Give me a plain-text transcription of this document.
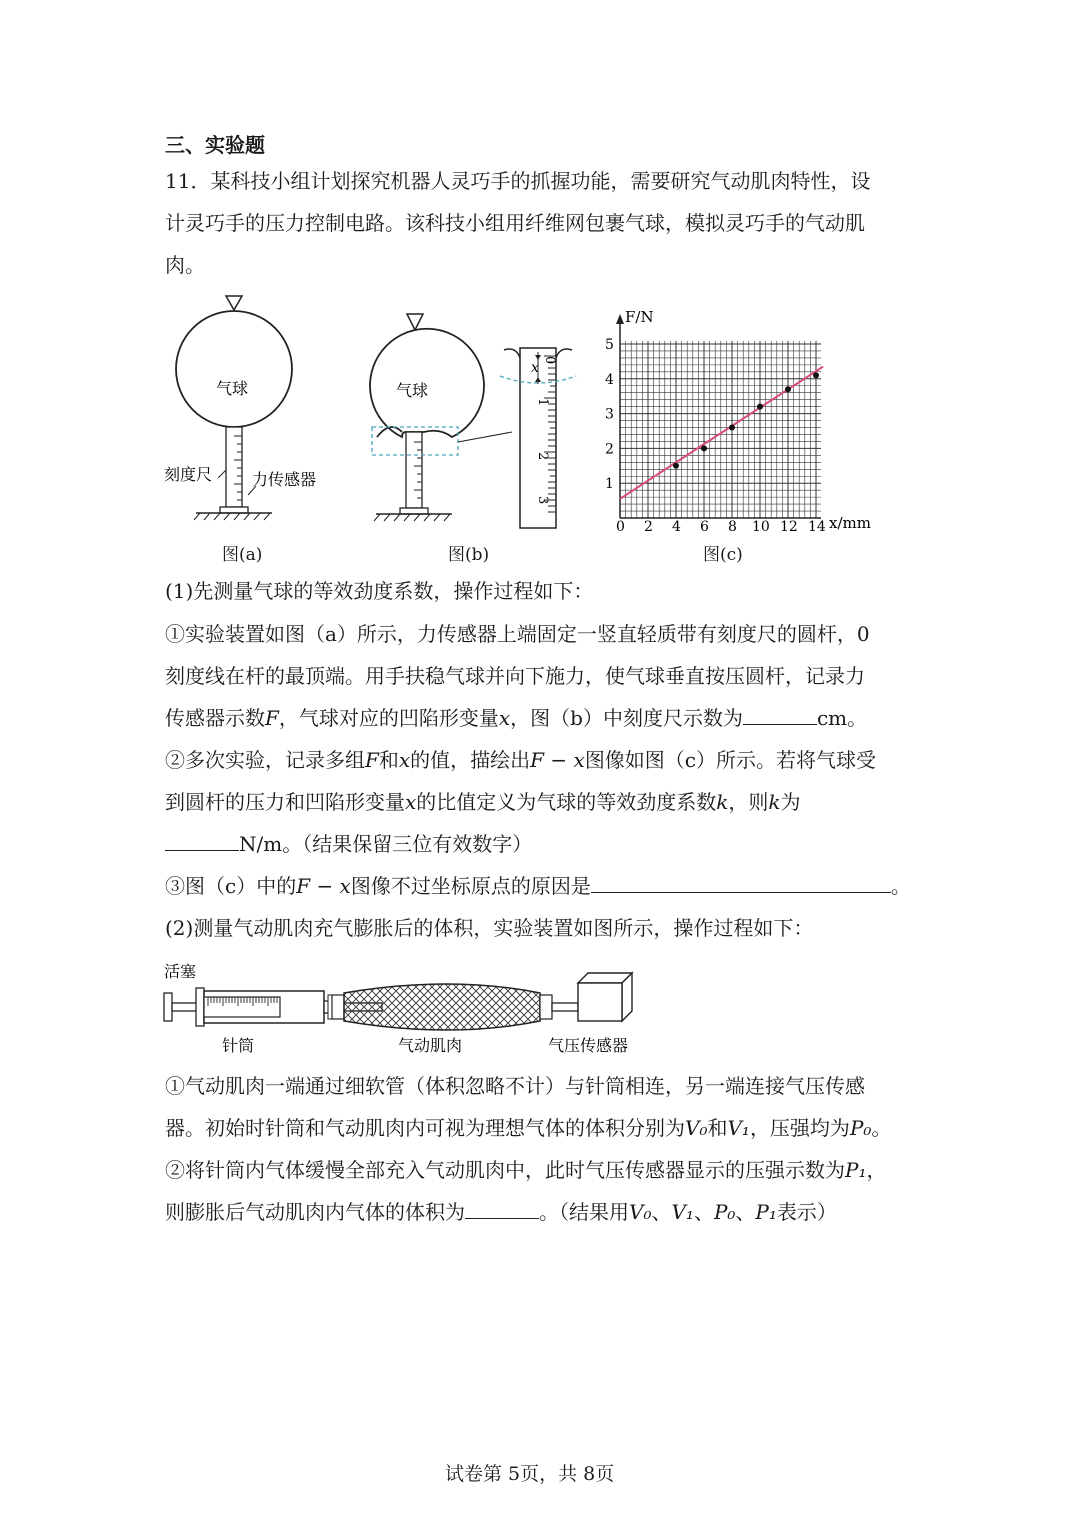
三、实验题
11．某科技小组计划探究机器人灵巧手的抓握功能，需要研究气动肌肉特性，设
计灵巧手的压力控制电路。该科技小组用纤维网包裹气球，模拟灵巧手的气动肌
肉。
气球
刻度尺 力传感器
图(a)
气球
x 0
1
2
3
图(b)
F/N
x/mm
0 2 4 6 8 10 12 14
1
2
3
4
5
图(c)
(1)先测量气球的等效劲度系数，操作过程如下：
①实验装置如图（a）所示，力传感器上端固定一竖直轻质带有刻度尺的圆杆，0
刻度线在杆的最顶端。用手扶稳气球并向下施力，使气球垂直按压圆杆，记录力
传感器示数F，气球对应的凹陷形变量x，图（b）中刻度尺示数为	cm。
②多次实验，记录多组F和x的值，描绘出F − x图像如图（c）所示。若将气球受
到圆杆的压力和凹陷形变量x的比值定义为气球的等效劲度系数k，则k为
N/m。（结果保留三位有效数字）
③图（c）中的F − x图像不过坐标原点的原因是	。
(2)测量气动肌肉充气膨胀后的体积，实验装置如图所示，操作过程如下：
活塞
针筒	气动肌肉	气压传感器
①气动肌肉一端通过细软管（体积忽略不计）与针筒相连，另一端连接气压传感
器。初始时针筒和气动肌肉内可视为理想气体的体积分别为V₀和V₁，压强均为P₀。
②将针筒内气体缓慢全部充入气动肌肉中，此时气压传感器显示的压强示数为P₁，
则膨胀后气动肌肉内气体的体积为	。（结果用V₀、V₁、P₀、P₁表示）
试卷第 5页，共 8页
